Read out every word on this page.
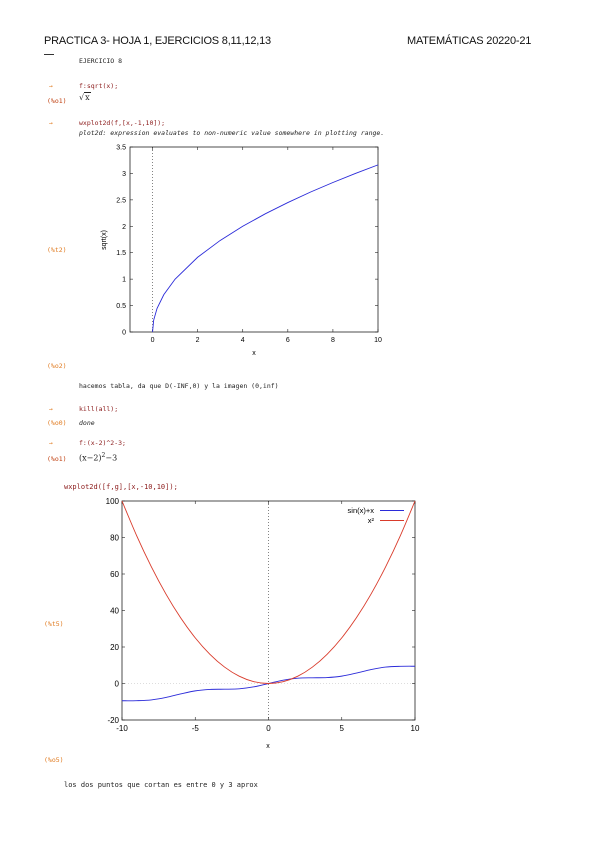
PRACTICA 3- HOJA 1, EJERCICIOS 8,11,12,13	MATEMÁTICAS 20220-21
EJERCICIO 8
→	f:sqrt(x);
(%o1) √x
→	wxplot2d(f,[x,-1,10]);
plot2d: expression evaluates to non-numeric value somewhere in plotting range.
(%t2)
0
0.5
1
1.5
2
2.5
3
3.5
0	2	4	6	8	10
x
sqrt(x)
(%o2)
hacemos tabla, da que D(-INF,0) y la imagen (0,inf)
→	kill(all);
(%o0) done
→	f:(x-2)^2-3;
(%o1) $(x-2)^2-3$
wxplot2d([f,g],[x,-10,10]);
(%t5)
-20
0
20
40
60
80
100
-10	-5	0	5	10
sin(x)+x
x²
x
(%o5)
los dos puntos que cortan es entre 0 y 3 aprox
